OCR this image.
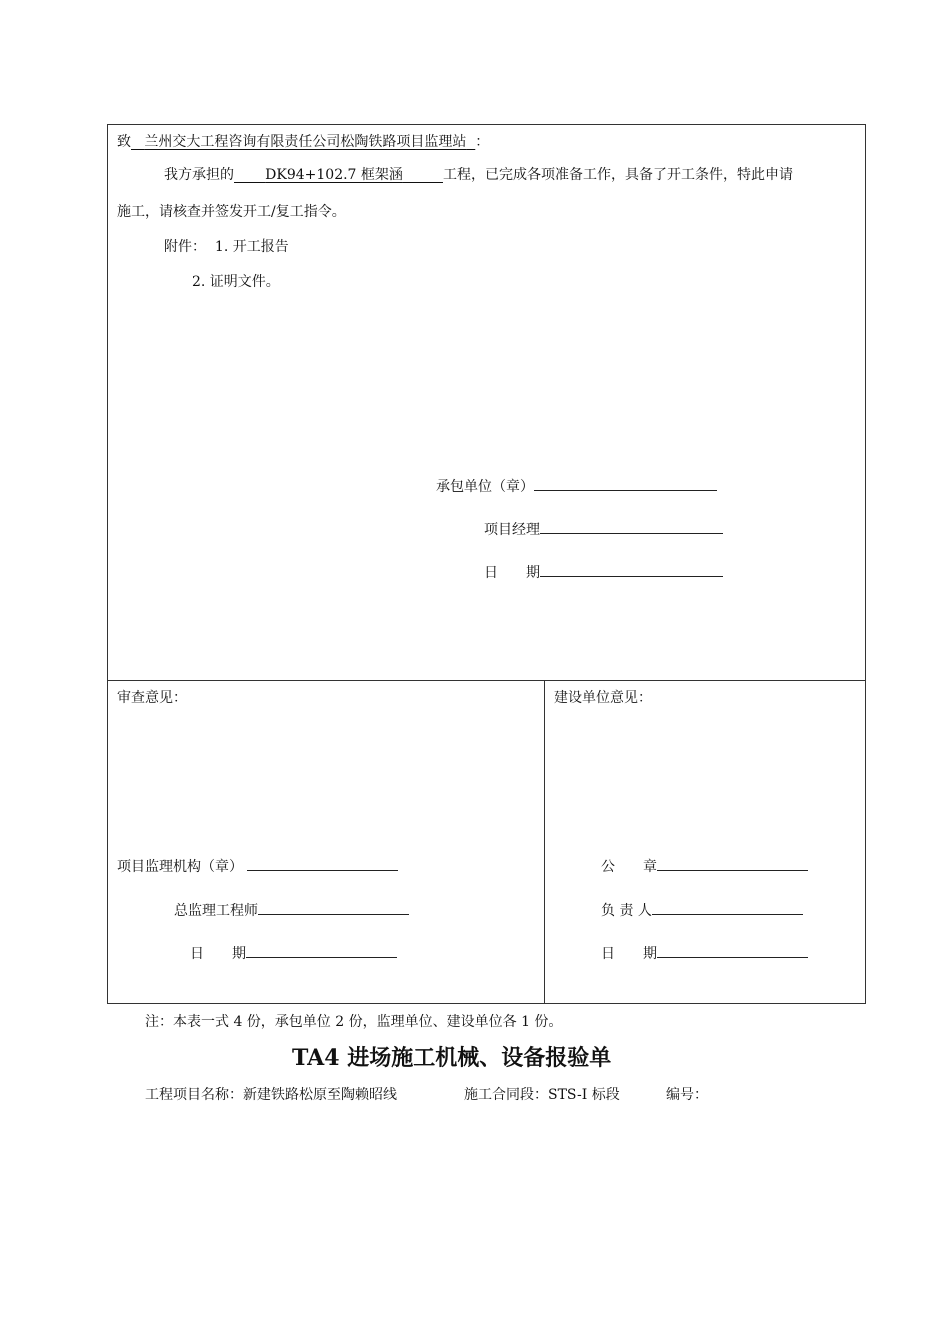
致 兰州交大工程咨询有限责任公司松陶铁路项目监理站 ：
我方承担的 DK94+102.7 框架涵	工程，已完成各项准备工作，具备了开工条件，特此申请
施工，请核查并签发开工/复工指令。
附件： 1. 开工报告
2. 证明文件。
承包单位（章）
项目经理
日　　期
审查意见：	建设单位意见：
项目监理机构（章）
总监理工程师
日　　期
公　　章
负 责 人
日　　期
注：本表一式 4 份，承包单位 2 份，监理单位、建设单位各 1 份。
TA4 进场施工机械、设备报验单
工程项目名称：新建铁路松原至陶赖昭线	施工合同段：STS-I 标段	编号：
